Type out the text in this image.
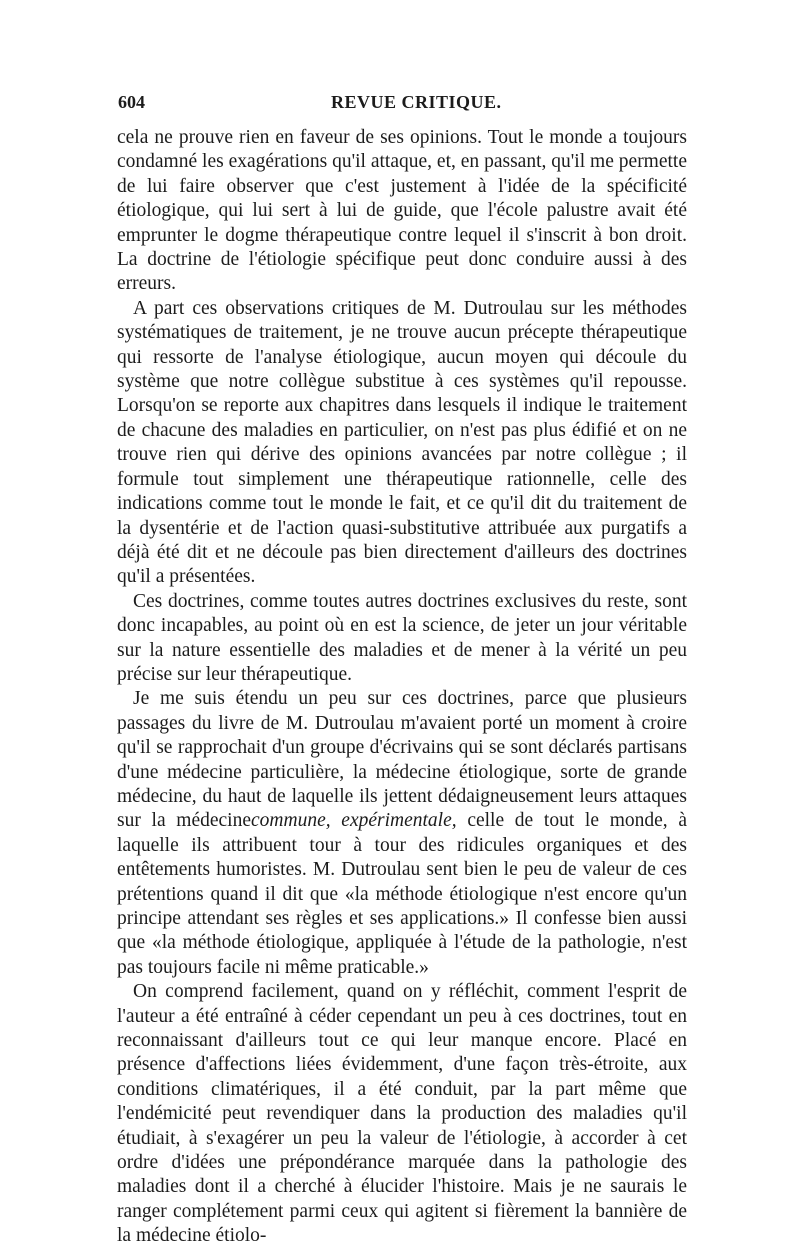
604	REVUE CRITIQUE.

cela ne prouve rien en faveur de ses opinions. Tout le monde a toujours condamné les exagérations qu'il attaque, et, en passant, qu'il me permette de lui faire observer que c'est justement à l'idée de la spécificité étiologique, qui lui sert à lui de guide, que l'école palustre avait été emprunter le dogme thérapeutique contre lequel il s'inscrit à bon droit. La doctrine de l'étiologie spécifique peut donc conduire aussi à des erreurs.

A part ces observations critiques de M. Dutroulau sur les méthodes systématiques de traitement, je ne trouve aucun précepte thérapeutique qui ressorte de l'analyse étiologique, aucun moyen qui découle du système que notre collègue substitue à ces systèmes qu'il repousse. Lorsqu'on se reporte aux chapitres dans lesquels il indique le traitement de chacune des maladies en particulier, on n'est pas plus édifié et on ne trouve rien qui dérive des opinions avancées par notre collègue ; il formule tout simplement une thérapeutique rationnelle, celle des indications comme tout le monde le fait, et ce qu'il dit du traitement de la dysentérie et de l'action quasi-substitutive attribuée aux purgatifs a déjà été dit et ne découle pas bien directement d'ailleurs des doctrines qu'il a présentées.

Ces doctrines, comme toutes autres doctrines exclusives du reste, sont donc incapables, au point où en est la science, de jeter un jour véritable sur la nature essentielle des maladies et de mener à la vérité un peu précise sur leur thérapeutique.

Je me suis étendu un peu sur ces doctrines, parce que plusieurs passages du livre de M. Dutroulau m'avaient porté un moment à croire qu'il se rapprochait d'un groupe d'écrivains qui se sont déclarés partisans d'une médecine particulière, la médecine étiologique, sorte de grande médecine, du haut de laquelle ils jettent dédaigneusement leurs attaques sur la médecinecommune, expérimentale, celle de tout le monde, à laquelle ils attribuent tour à tour des ridicules organiques et des entêtements humoristes. M. Dutroulau sent bien le peu de valeur de ces prétentions quand il dit que «la méthode étiologique n'est encore qu'un principe attendant ses règles et ses applications.» Il confesse bien aussi que «la méthode étiologique, appliquée à l'étude de la pathologie, n'est pas toujours facile ni même praticable.»

On comprend facilement, quand on y réfléchit, comment l'esprit de l'auteur a été entraîné à céder cependant un peu à ces doctrines, tout en reconnaissant d'ailleurs tout ce qui leur manque encore. Placé en présence d'affections liées évidemment, d'une façon très-étroite, aux conditions climatériques, il a été conduit, par la part même que l'endémicité peut revendiquer dans la production des maladies qu'il étudiait, à s'exagérer un peu la valeur de l'étiologie, à accorder à cet ordre d'idées une prépondérance marquée dans la pathologie des maladies dont il a cherché à élucider l'histoire. Mais je ne saurais le ranger complétement parmi ceux qui agitent si fièrement la bannière de la médecine étiolo-
